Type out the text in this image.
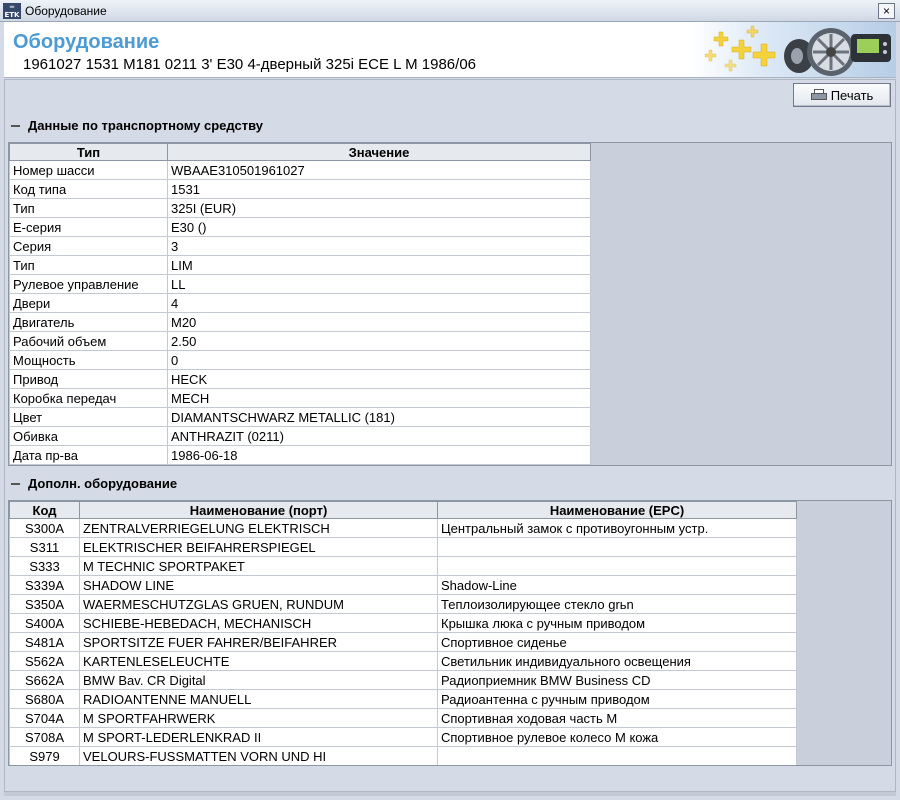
═
ETK Оборудование	×
Оборудование
1961027 1531 M181 0211 3' E30 4-дверный 325i ECE L M 1986/06
Печать
Данные по транспортному средству
Тип	Значение
Номер шасси	WBAAE310501961027
Код типа	1531
Тип	325I (EUR)
E-серия	E30 ()
Серия	3
Тип	LIM
Рулевое управление	LL
Двери	4
Двигатель	M20
Рабочий объем	2.50
Мощность	0
Привод	HECK
Коробка передач	MECH
Цвет	DIAMANTSCHWARZ METALLIC (181)
Обивка	ANTHRAZIT (0211)
Дата пр-ва	1986-06-18
Дополн. оборудование
Код	Наименование (порт)	Наименование (EPC)
S300A	ZENTRALVERRIEGELUNG ELEKTRISCH	Центральный замок с противоугонным устр.
S311	ELEKTRISCHER BEIFAHRERSPIEGEL	
S333	M TECHNIC SPORTPAKET	
S339A	SHADOW LINE	Shadow-Line
S350A	WAERMESCHUTZGLAS GRUEN, RUNDUM	Теплоизолирующее стекло grьn
S400A	SCHIEBE-HEBEDACH, MECHANISCH	Крышка люка с ручным приводом
S481A	SPORTSITZE FUER FAHRER/BEIFAHRER	Спортивное сиденье
S562A	KARTENLESELEUCHTE	Светильник индивидуального освещения
S662A	BMW Bav. CR Digital	Радиоприемник BMW Business CD
S680A	RADIOANTENNE MANUELL	Радиоантенна с ручным приводом
S704A	M SPORTFAHRWERK	Спортивная ходовая часть M
S708A	M SPORT-LEDERLENKRAD II	Спортивное рулевое колесо M кожа
S979	VELOURS-FUSSMATTEN VORN UND HI	
